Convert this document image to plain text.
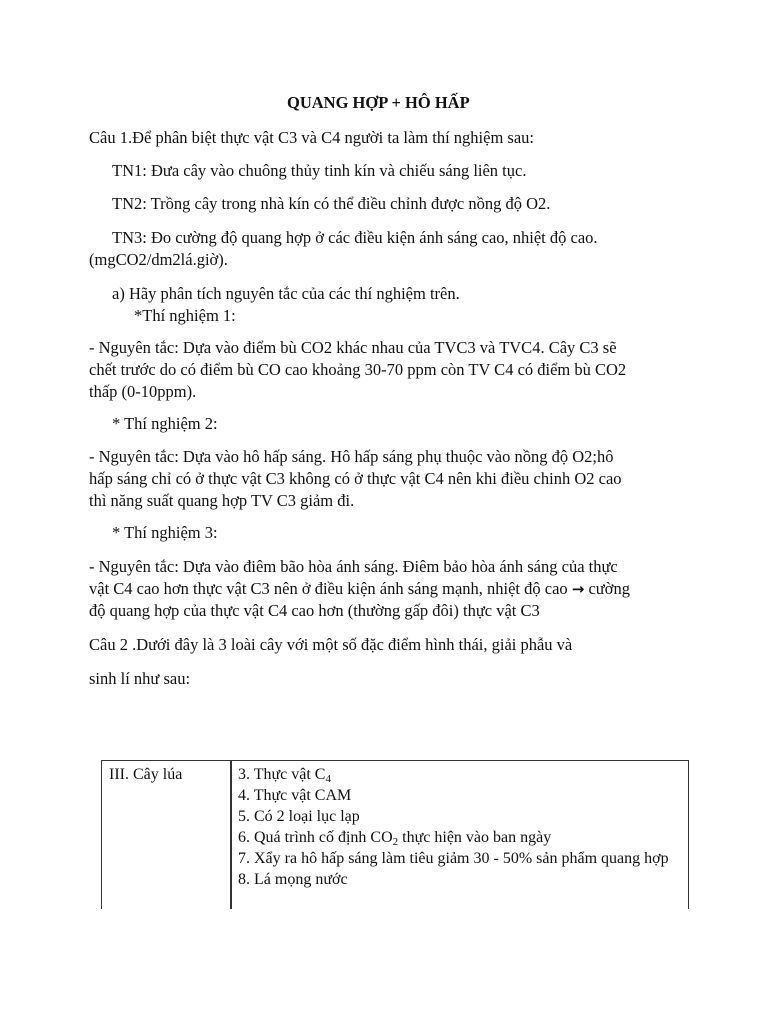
QUANG HỢP + HÔ HẤP
Câu 1.Để phân biệt thực vật C3 và C4 người ta làm thí nghiệm sau:
TN1: Đưa cây vào chuông thủy tinh kín và chiếu sáng liên tục.
TN2: Trồng cây trong nhà kín có thể điều chỉnh được nồng độ O2.
TN3: Đo cường độ quang hợp ở các điều kiện ánh sáng cao, nhiệt độ cao.
(mgCO2/dm2lá.giờ).
a) Hãy phân tích nguyên tắc của các thí nghiệm trên.
*Thí nghiệm 1:
- Nguyên tắc: Dựa vào điểm bù CO2 khác nhau của TVC3 và TVC4. Cây C3 sẽ
chết trước do có điểm bù CO cao khoảng 30-70 ppm còn TV C4 có điểm bù CO2
thấp (0-10ppm).
* Thí nghiệm 2:
- Nguyên tắc: Dựa vào hô hấp sáng. Hô hấp sáng phụ thuộc vào nồng độ O2;hô
hấp sáng chỉ có ở thực vật C3 không có ở thực vật C4 nên khi điều chinh O2 cao
thì năng suất quang hợp TV C3 giảm đi.
* Thí nghiệm 3:
- Nguyên tắc: Dựa vào điêm bão hòa ánh sáng. Điêm bảo hòa ánh sáng của thực
vật C4 cao hơn thực vật C3 nên ở điều kiện ánh sáng mạnh, nhiệt độ cao → cường
độ quang hợp của thực vật C4 cao hơn (thường gấp đôi) thực vật C3
Câu 2 .Dưới đây là 3 loài cây với một số đặc điểm hình thái, giải phẫu và
sinh lí như sau:
III. Cây lúa	3. Thực vật $C_4$
4. Thực vật CAM
5. Có 2 loại lục lạp
6. Quá trình cố định $CO_2$ thực hiện vào ban ngày
7. Xẩy ra hô hấp sáng làm tiêu giảm 30 - 50% sản phẩm quang hợp
8. Lá mọng nước
